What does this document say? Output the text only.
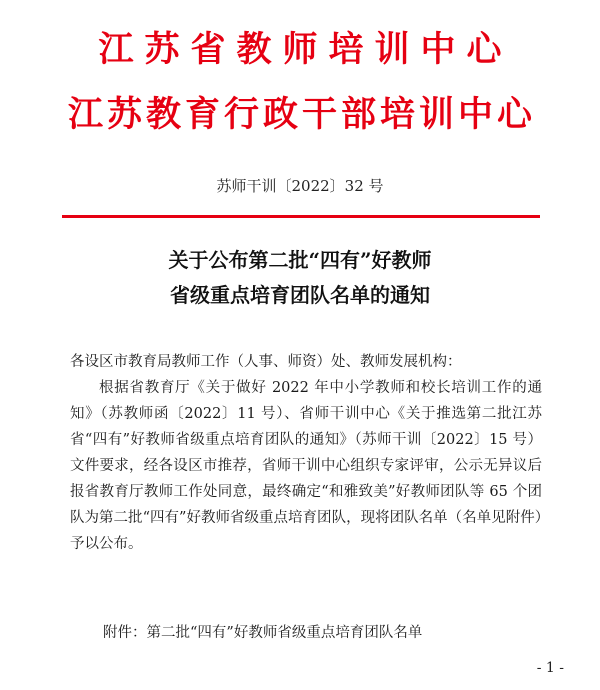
江苏省教师培训中心
江苏教育行政干部培训中心
苏师干训〔2022〕32 号
关于公布第二批“四有”好教师
省级重点培育团队名单的通知
各设区市教育局教师工作（人事、师资）处、教师发展机构：
根据省教育厅《关于做好 2022 年中小学教师和校长培训工作的通知》（苏教师函〔2022〕11 号）、省师干训中心《关于推选第二批江苏省“四有”好教师省级重点培育团队的通知》（苏师干训〔2022〕15 号）文件要求，经各设区市推荐，省师干训中心组织专家评审，公示无异议后报省教育厅教师工作处同意，最终确定“和雅致美”好教师团队等 65 个团队为第二批“四有”好教师省级重点培育团队，现将团队名单（名单见附件）予以公布。
附件：第二批“四有”好教师省级重点培育团队名单
- 1 -
